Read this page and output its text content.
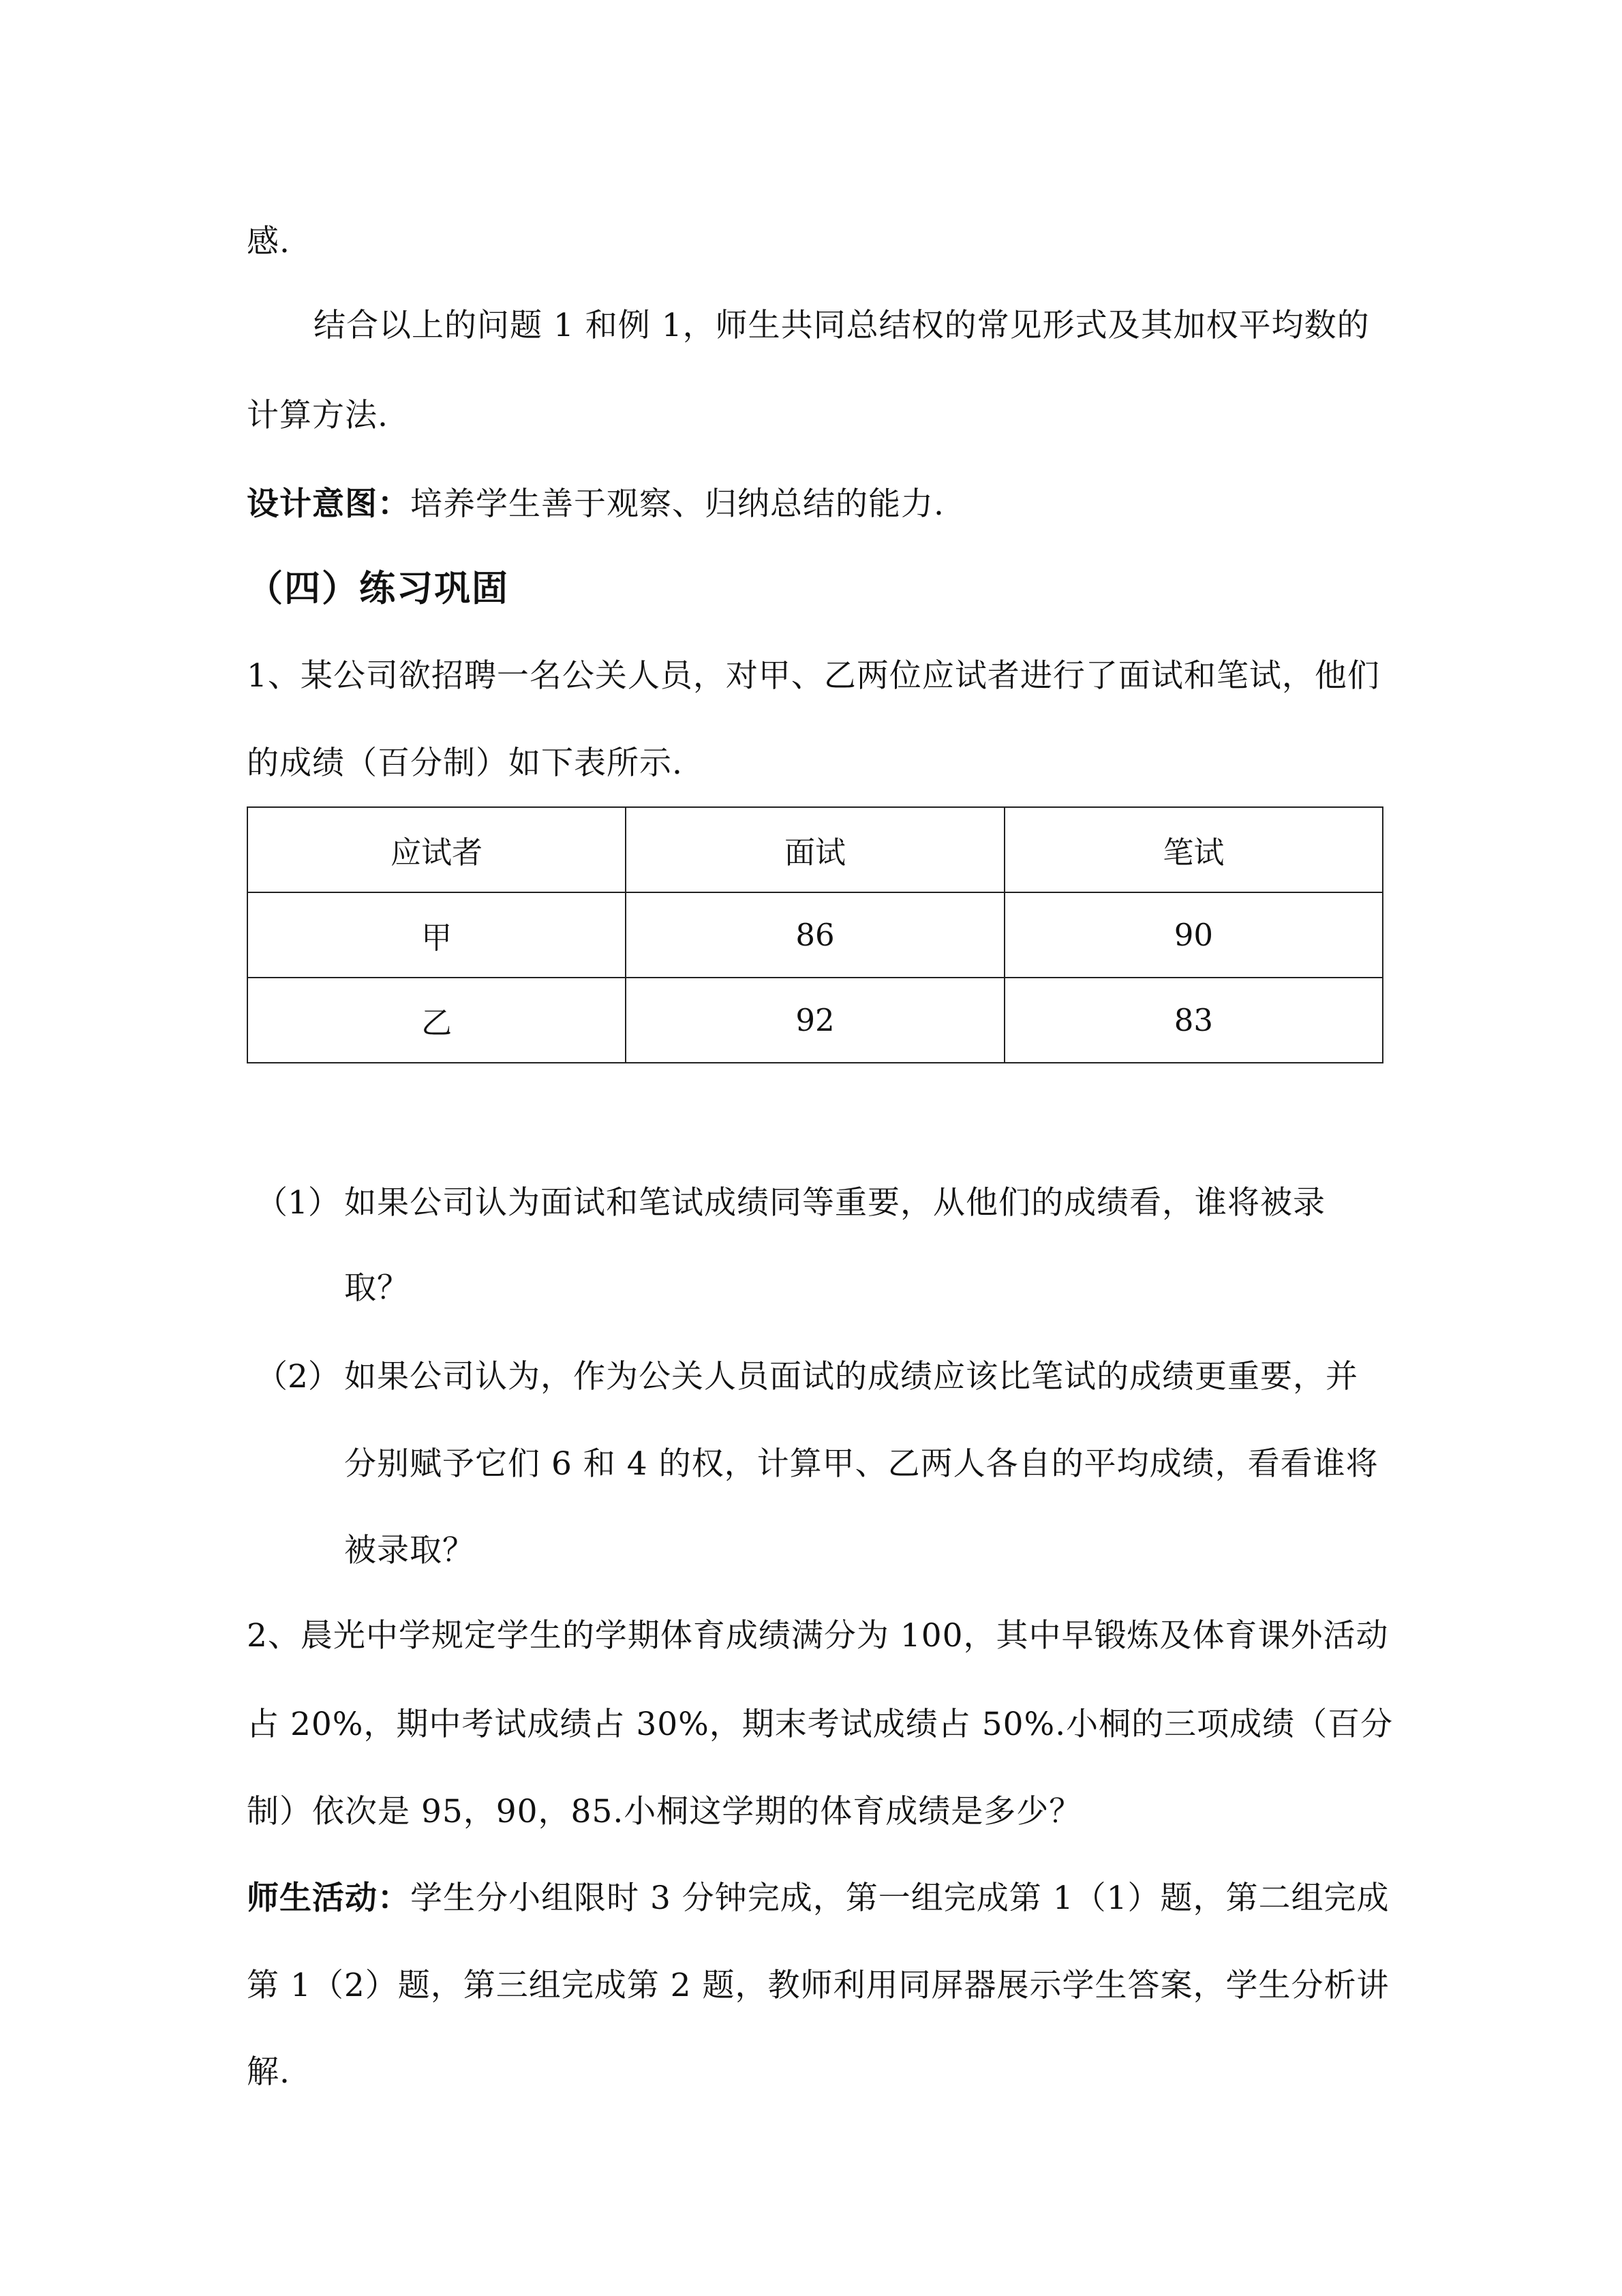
感.
结合以上的问题 1 和例 1，师生共同总结权的常见形式及其加权平均数的
计算方法.
设计意图：培养学生善于观察、归纳总结的能力.
（四）练习巩固
1、某公司欲招聘一名公关人员，对甲、乙两位应试者进行了面试和笔试，他们
的成绩（百分制）如下表所示.
应试者	面试	笔试
甲	86	90
乙	92	83
（1） 如果公司认为面试和笔试成绩同等重要，从他们的成绩看，谁将被录
取？
（2） 如果公司认为，作为公关人员面试的成绩应该比笔试的成绩更重要，并
分别赋予它们 6 和 4 的权，计算甲、乙两人各自的平均成绩，看看谁将
被录取？
2、晨光中学规定学生的学期体育成绩满分为 100，其中早锻炼及体育课外活动
占 20%，期中考试成绩占 30%，期末考试成绩占 50%.小桐的三项成绩（百分
制）依次是 95，90，85.小桐这学期的体育成绩是多少？
师生活动：学生分小组限时 3 分钟完成，第一组完成第 1（1）题，第二组完成
第 1（2）题，第三组完成第 2 题，教师利用同屏器展示学生答案，学生分析讲
解.
